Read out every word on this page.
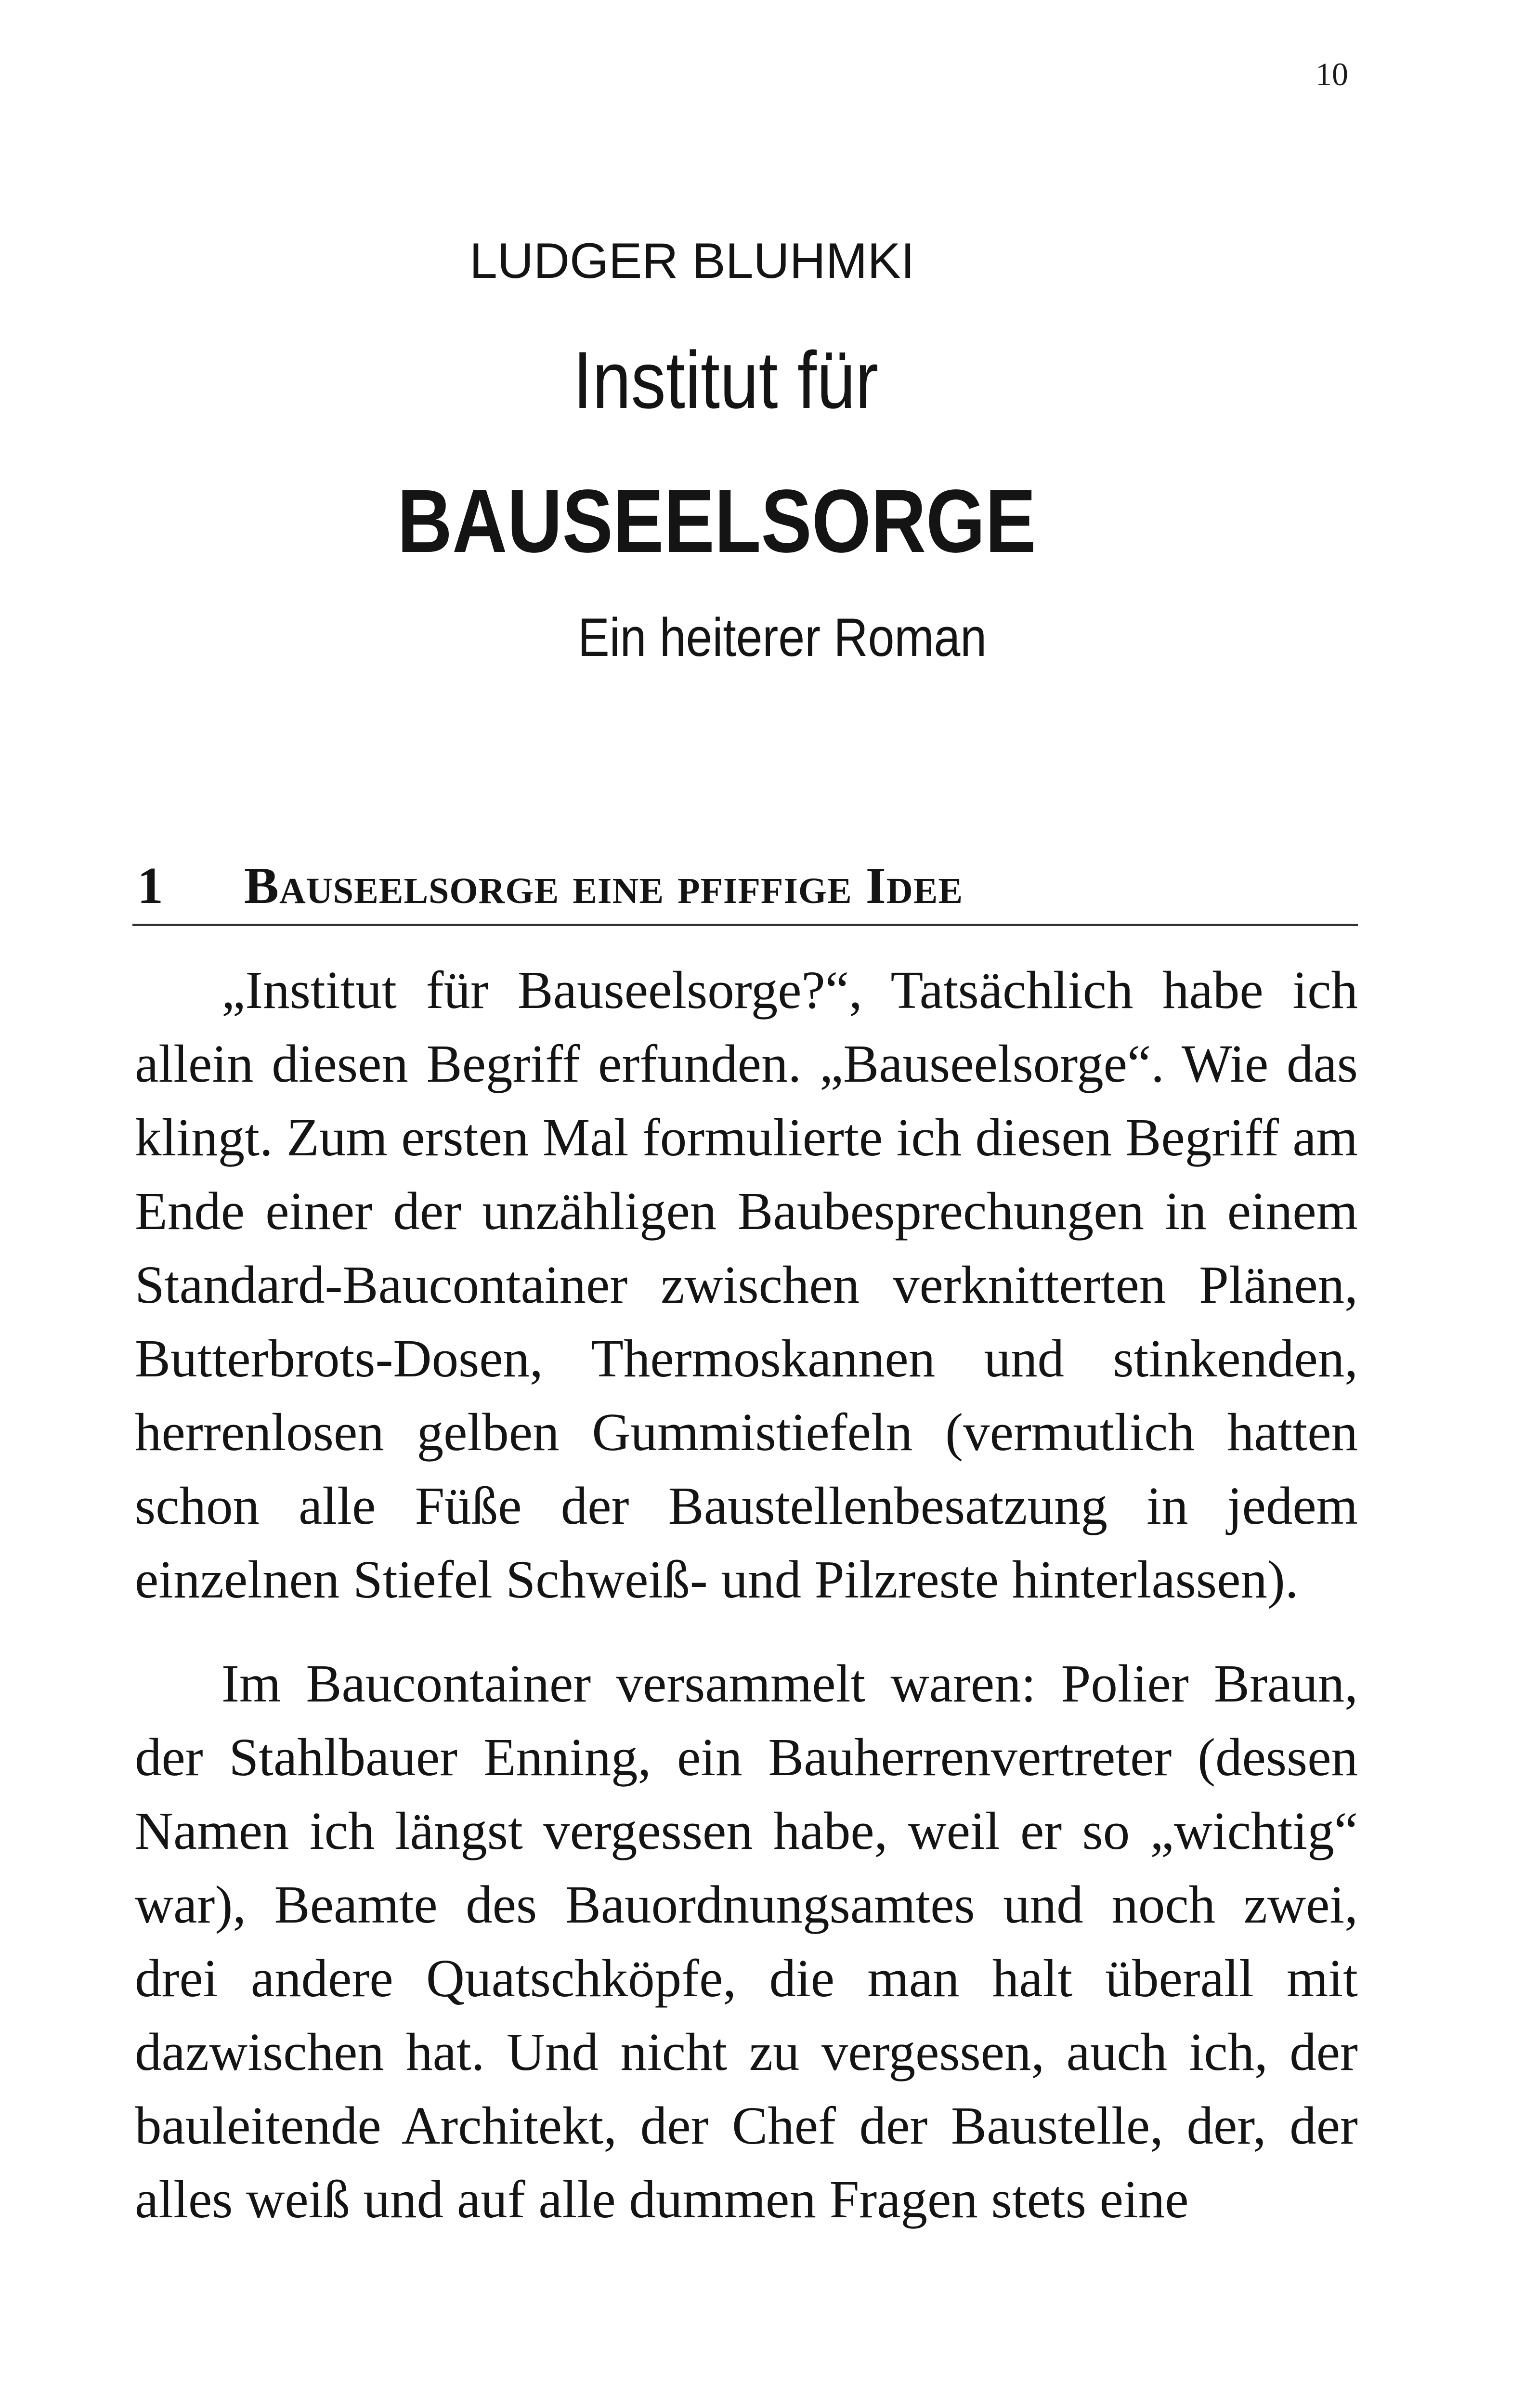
10
LUDGER BLUHMKI
Institut für
BAUSEELSORGE
Ein heiterer Roman
1 Bauseelsorge eine pfiffige Idee

„Institut für Bauseelsorge?“, Tatsächlich habe ich allein diesen Begriff erfunden. „Bauseelsorge“. Wie das klingt. Zum ersten Mal formulierte ich diesen Begriff am Ende einer der unzähligen Baubesprechungen in einem Standard-Baucontainer zwischen verknitterten Plänen, Butterbrots-Dosen, Thermoskannen und stinkenden, herrenlosen gelben Gummistiefeln (vermutlich hatten schon alle Füße der Baustellenbesatzung in jedem einzelnen Stiefel Schweiß- und Pilzreste hinterlassen).

Im Baucontainer versammelt waren: Polier Braun, der Stahlbauer Enning, ein Bauherrenvertreter (dessen Namen ich längst vergessen habe, weil er so „wichtig“ war), Beamte des Bauordnungsamtes und noch zwei, drei andere Quatschköpfe, die man halt überall mit dazwischen hat. Und nicht zu vergessen, auch ich, der bauleitende Architekt, der Chef der Baustelle, der, der alles weiß und auf alle dummen Fragen stets eine
